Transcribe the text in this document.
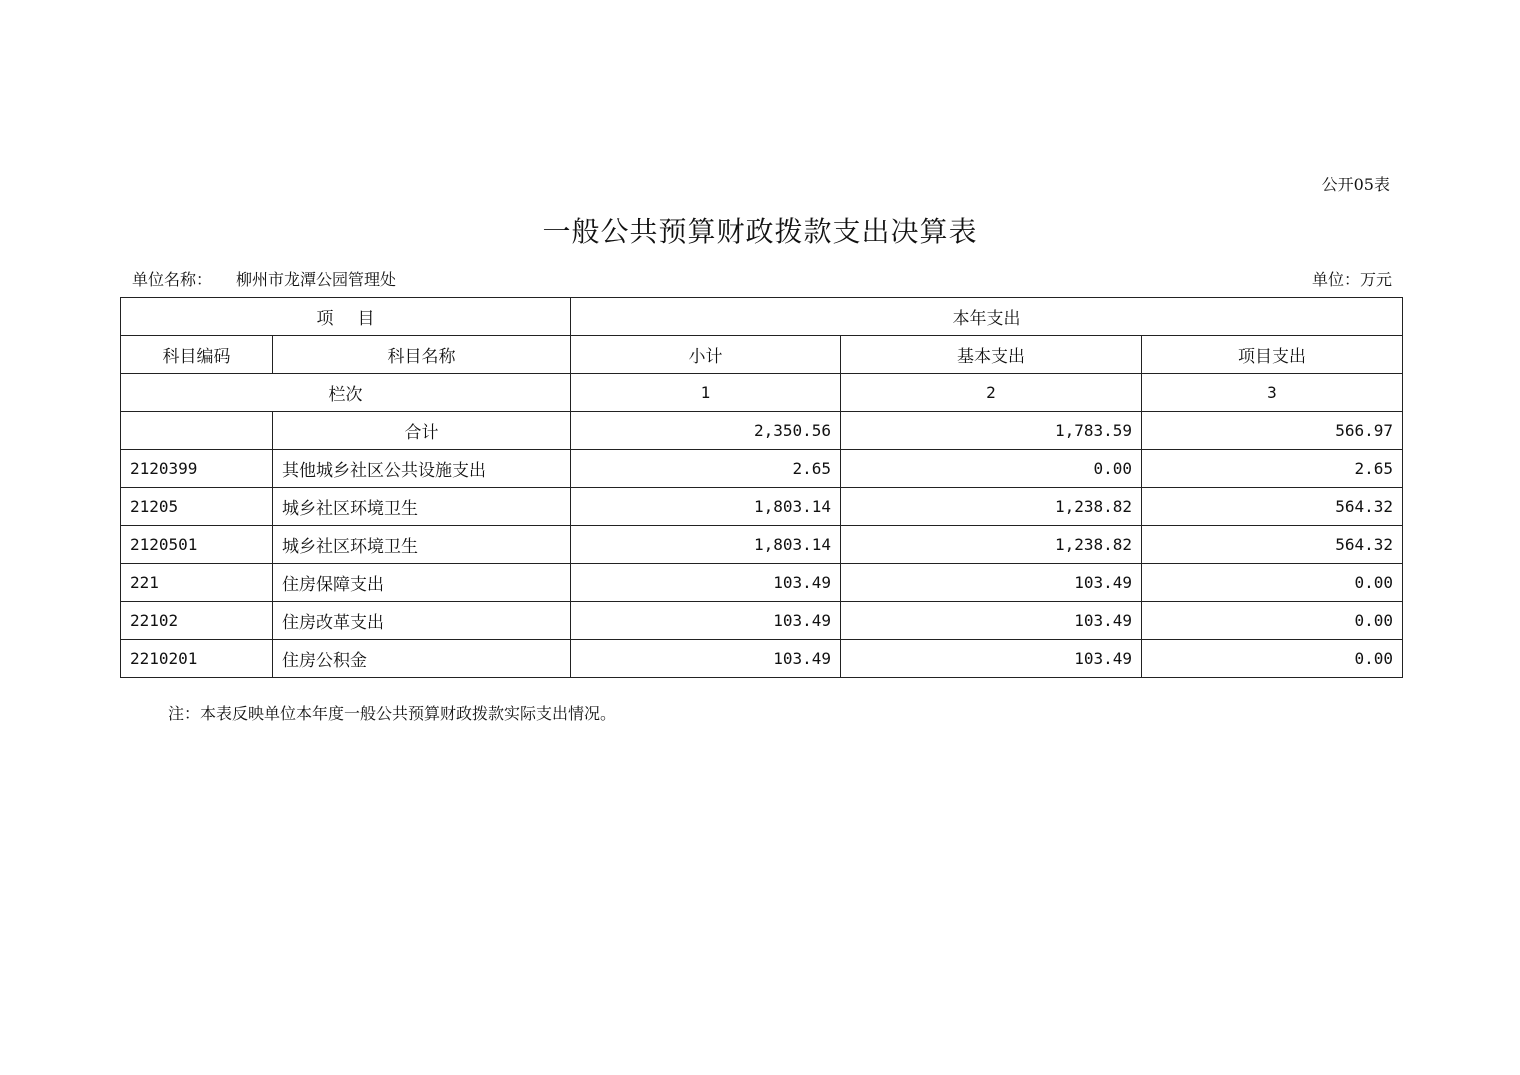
公开05表
一般公共预算财政拨款支出决算表
单位名称： 柳州市龙潭公园管理处	单位：万元
项目		本年支出		
科目编码	科目名称	小计	基本支出	项目支出
栏次		1	2	3
	合计	2,350.56	1,783.59	566.97
2120399	其他城乡社区公共设施支出	2.65	0.00	2.65
21205	城乡社区环境卫生	1,803.14	1,238.82	564.32
2120501	城乡社区环境卫生	1,803.14	1,238.82	564.32
221	住房保障支出	103.49	103.49	0.00
22102	住房改革支出	103.49	103.49	0.00
2210201	住房公积金	103.49	103.49	0.00
注：本表反映单位本年度一般公共预算财政拨款实际支出情况。
